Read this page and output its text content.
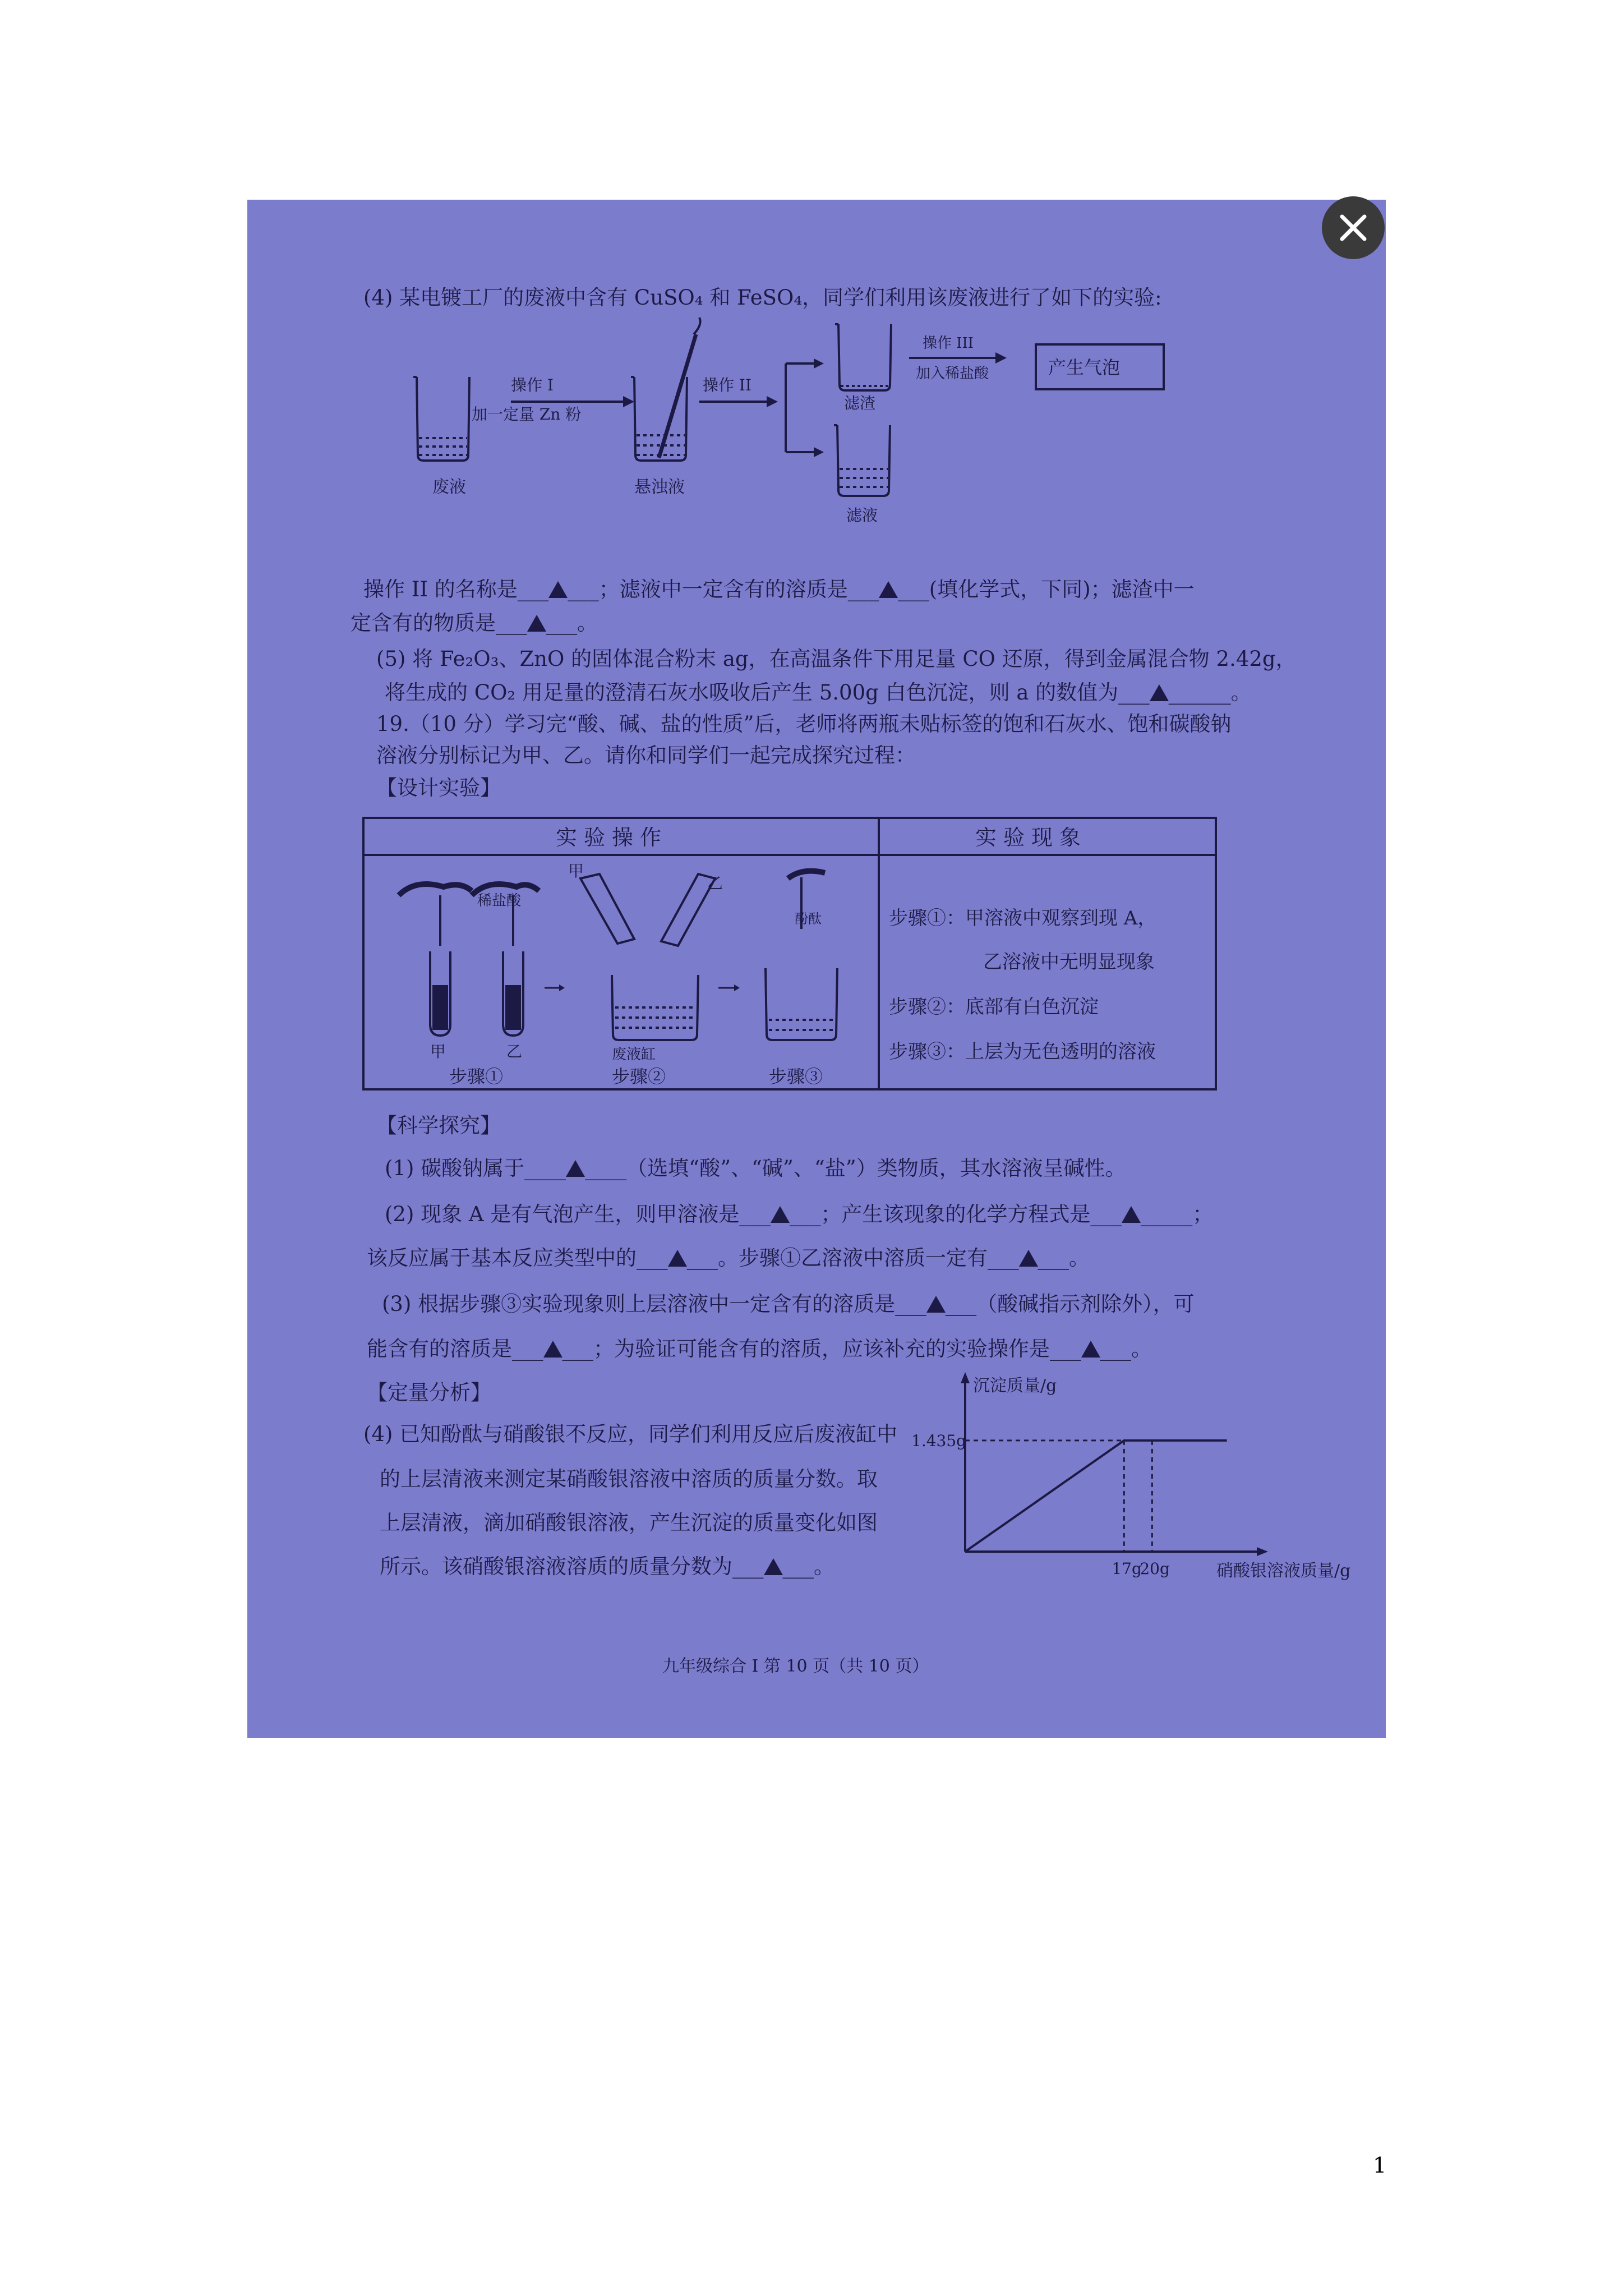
(4) 某电镀工厂的废液中含有 CuSO₄ 和 FeSO₄，同学们利用该废液进行了如下的实验:
废液
操作 I
加一定量 Zn 粉
悬浊液
操作 II
滤渣
滤液
操作 III
加入稀盐酸	产生气泡
操作 II 的名称是___ ___；滤液中一定含有的溶质是___ ___(填化学式，下同)；滤渣中一
定含有的物质是___ ___。
(5) 将 Fe₂O₃、ZnO 的固体混合粉末 ag，在高温条件下用足量 CO 还原，得到金属混合物 2.42g，
将生成的 CO₂ 用足量的澄清石灰水吸收后产生 5.00g 白色沉淀，则 a 的数值为___ ______。
19.（10 分）学习完“酸、碱、盐的性质”后，老师将两瓶未贴标签的饱和石灰水、饱和碳酸钠
溶液分别标记为甲、乙。请你和同学们一起完成探究过程：
【设计实验】
实验操作	实验现象
稀盐酸
甲	乙
步骤①
甲
乙
废液缸
步骤②
酚酞
步骤③
步骤①：甲溶液中观察到现 A，
乙溶液中无明显现象
步骤②：底部有白色沉淀
步骤③：上层为无色透明的溶液
【科学探究】
(1) 碳酸钠属于____ ____（选填“酸”、“碱”、“盐”）类物质，其水溶液呈碱性。
(2) 现象 A 是有气泡产生，则甲溶液是___ ___；产生该现象的化学方程式是___ _____；
该反应属于基本反应类型中的___ ___。步骤①乙溶液中溶质一定有___ ___。
(3) 根据步骤③实验现象则上层溶液中一定含有的溶质是___ ___（酸碱指示剂除外），可
能含有的溶质是___ ___；为验证可能含有的溶质，应该补充的实验操作是___ ___。
【定量分析】
(4) 已知酚酞与硝酸银不反应，同学们利用反应后废液缸中
的上层清液来测定某硝酸银溶液中溶质的质量分数。取
上层清液，滴加硝酸银溶液，产生沉淀的质量变化如图
所示。该硝酸银溶液溶质的质量分数为___ ___。
沉淀质量/g
硝酸银溶液质量/g
17g
20g
1.435g
九年级综合 I 第 10 页（共 10 页）
1
